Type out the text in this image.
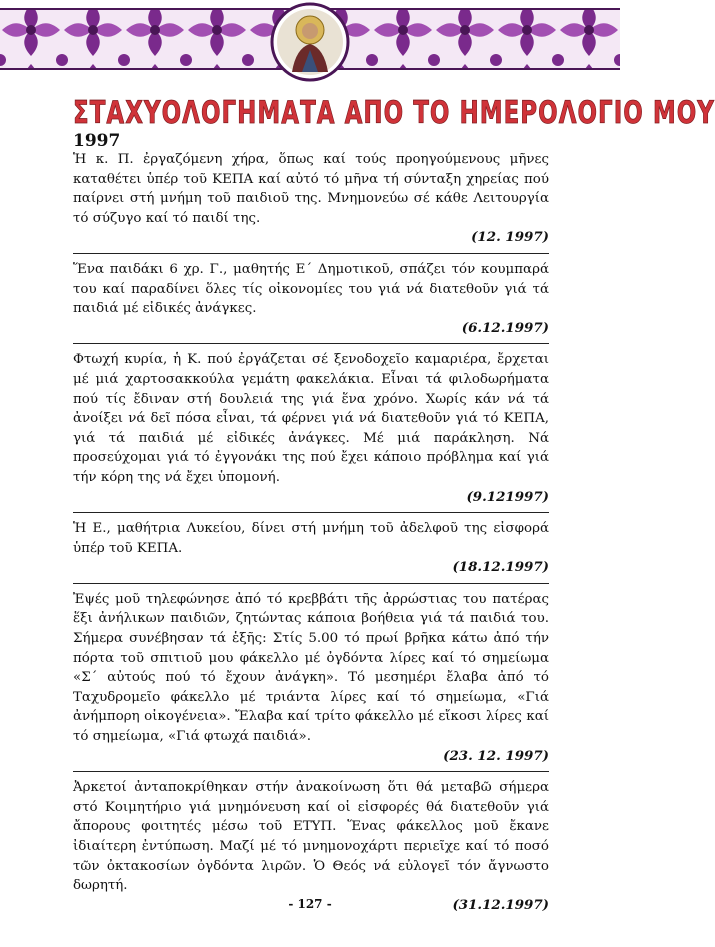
ΣΤΑΧΥΟΛΟΓΗΜΑΤΑ ΑΠΟ ΤΟ ΗΜΕΡΟΛΟΓΙΟ ΜΟΥ
1997
Ἡ κ. Π. ἐργαζόμενη χήρα, ὅπως καί τούς προηγούμενους μῆνες καταθέτει ὑπέρ τοῦ ΚΕΠΑ καί αὐτό τό μῆνα τή σύνταξη χηρείας πού παίρνει στή μνήμη τοῦ παιδιοῦ της. Μνημονεύω σέ κάθε Λειτουργία τό σύζυγο καί τό παιδί της.
(12. 1997)
Ἕνα παιδάκι 6 χρ. Γ., μαθητής Ε΄ Δημοτικοῦ, σπάζει τόν κουμπαρά του καί παραδίνει ὅλες τίς οἰκονομίες του γιά νά διατεθοῦν γιά τά παιδιά μέ εἰδικές ἀνάγκες.
(6.12.1997)
Φτωχή κυρία, ἡ Κ. πού ἐργάζεται σέ ξενοδοχεῖο καμαριέρα, ἔρχεται μέ μιά χαρτοσακκούλα γεμάτη φακελάκια. Εἶναι τά φιλοδωρήματα πού τίς ἔδιναν στή δουλειά της γιά ἕνα χρόνο. Χωρίς κάν νά τά ἀνοίξει νά δεῖ πόσα εἶναι, τά φέρνει γιά νά διατεθοῦν γιά τό ΚΕΠΑ, γιά τά παιδιά μέ εἰδικές ἀνάγκες. Μέ μιά παράκληση. Νά προσεύχομαι γιά τό ἐγγονάκι της πού ἔχει κάποιο πρόβλημα καί γιά τήν κόρη της νά ἔχει ὑπομονή.
(9.121997)
Ἡ Ε., μαθήτρια Λυκείου, δίνει στή μνήμη τοῦ ἀδελφοῦ της εἰσφορά ὑπέρ τοῦ ΚΕΠΑ.
(18.12.1997)
Ἐψές μοῦ τηλεφώνησε ἀπό τό κρεββάτι τῆς ἀρρώστιας του πατέρας ἕξι ἀνήλικων παιδιῶν, ζητώντας κάποια βοήθεια γιά τά παιδιά του. Σήμερα συνέβησαν τά ἑξῆς: Στίς 5.00 τό πρωί βρῆκα κάτω ἀπό τήν πόρτα τοῦ σπιτιοῦ μου φάκελλο μέ ὀγδόντα λίρες καί τό σημείωμα «Σ΄ αὐτούς πού τό ἔχουν ἀνάγκη». Τό μεσημέρι ἔλαβα ἀπό τό Ταχυδρομεῖο φάκελλο μέ τριάντα λίρες καί τό σημείωμα, «Γιά ἀνήμπορη οἰκογένεια». Ἔλαβα καί τρίτο φάκελλο μέ εἴκοσι λίρες καί τό σημείωμα, «Γιά φτωχά παιδιά».
(23. 12. 1997)
Ἀρκετοί ἀνταποκρίθηκαν στήν ἀνακοίνωση ὅτι θά μεταβῶ σήμερα στό Κοιμητήριο γιά μνημόνευση καί οἱ εἰσφορές θά διατεθοῦν γιά ἄπορους φοιτητές μέσω τοῦ ΕΤΥΠ. Ἕνας φάκελλος μοῦ ἔκανε ἰδιαίτερη ἐντύπωση. Μαζί μέ τό μνημονοχάρτι περιεῖχε καί τό ποσό τῶν ὀκτακοσίων ὀγδόντα λιρῶν. Ὁ Θεός νά εὐλογεῖ τόν ἄγνωστο δωρητή.
(31.12.1997)
- 127 -
